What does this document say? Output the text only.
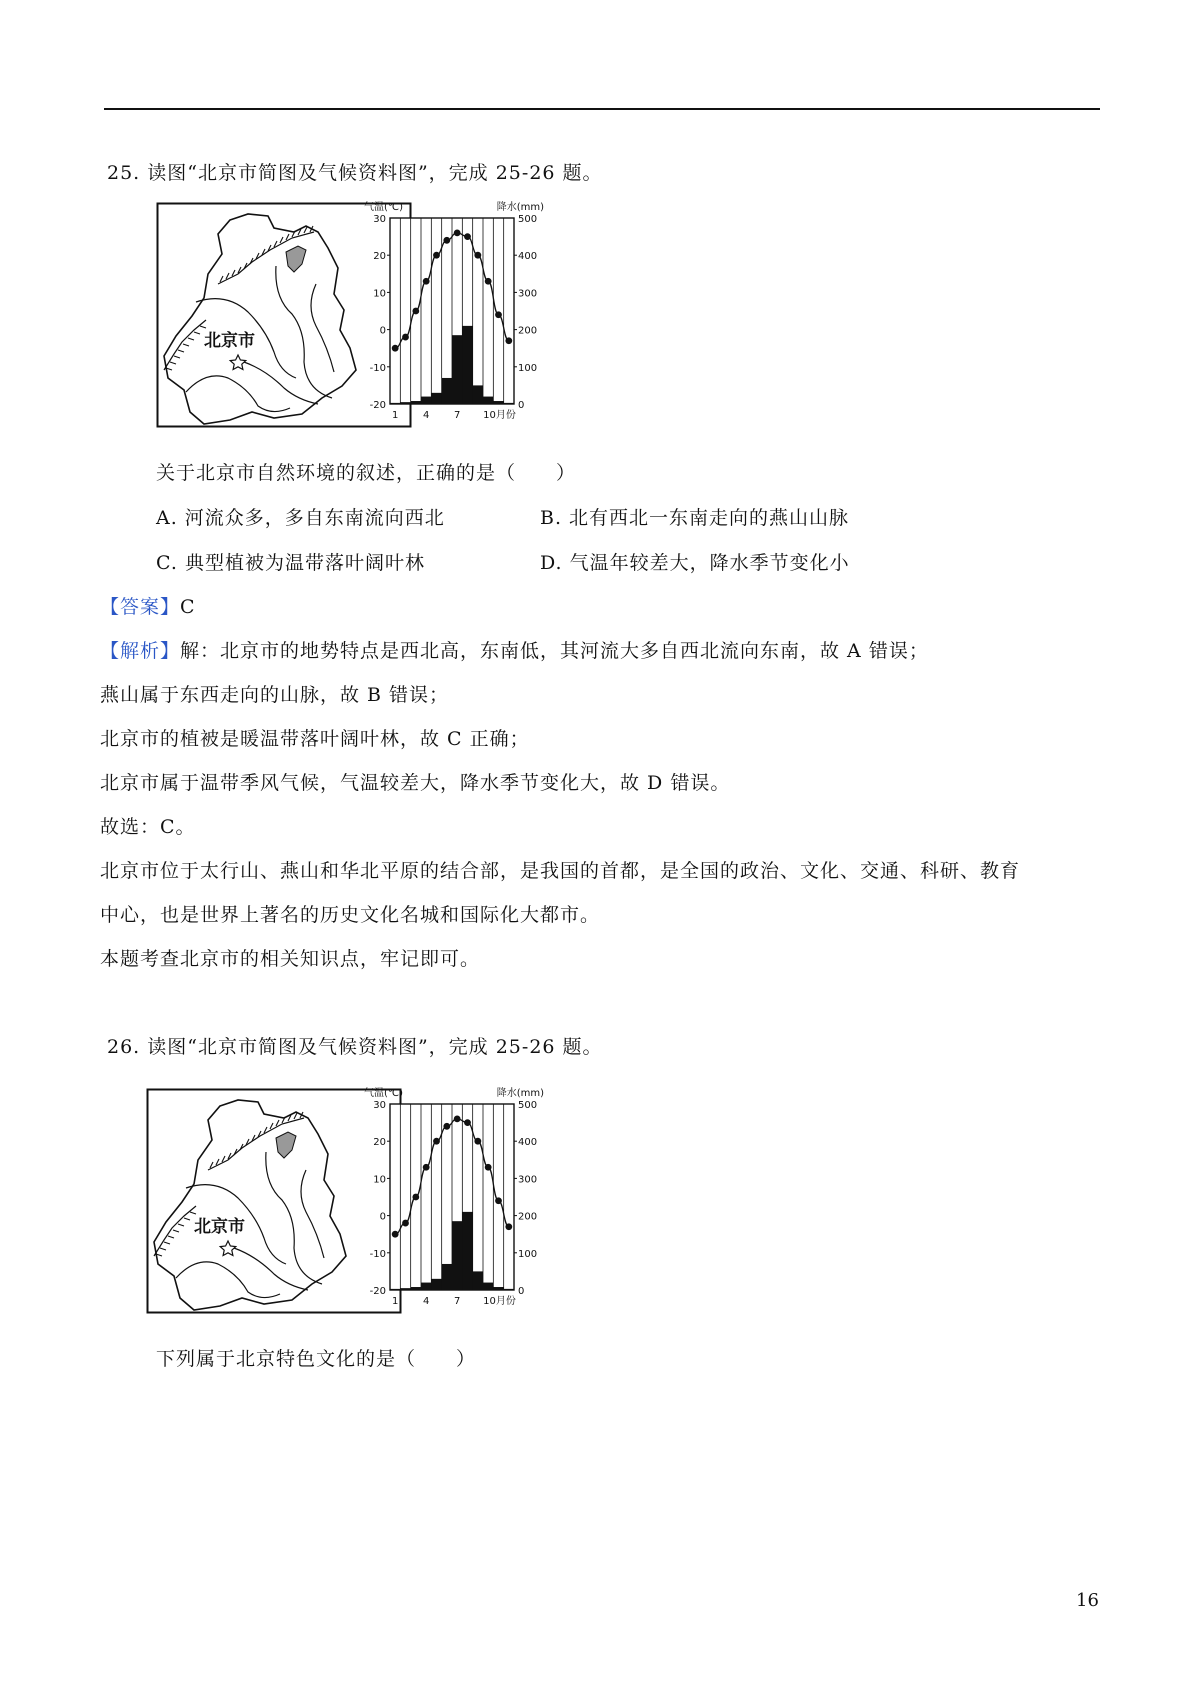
25. 读图“北京市简图及气候资料图”，完成 25-26 题。
北京市
30
20
10
0
-10
-20
500
400
300
200
100
0
1 4 7 10月份
气温(℃)	降水(mm)
关于北京市自然环境的叙述，正确的是（　　）
A. 河流众多，多自东南流向西北	B. 北有西北一东南走向的燕山山脉
C. 典型植被为温带落叶阔叶林	D. 气温年较差大，降水季节变化小
【答案】C
【解析】解：北京市的地势特点是西北高，东南低，其河流大多自西北流向东南，故 A 错误；
燕山属于东西走向的山脉，故 B 错误；
北京市的植被是暖温带落叶阔叶林，故 C 正确；
北京市属于温带季风气候，气温较差大，降水季节变化大，故 D 错误。
故选：C。
北京市位于太行山、燕山和华北平原的结合部，是我国的首都，是全国的政治、文化、交通、科研、教育
中心，也是世界上著名的历史文化名城和国际化大都市。
本题考查北京市的相关知识点，牢记即可。
26. 读图“北京市简图及气候资料图”，完成 25-26 题。
北京市
30
20
10
0
-10
-20
500
400
300
200
100
0
1 4 7 10月份
气温(℃)	降水(mm)
下列属于北京特色文化的是（　　）
16
